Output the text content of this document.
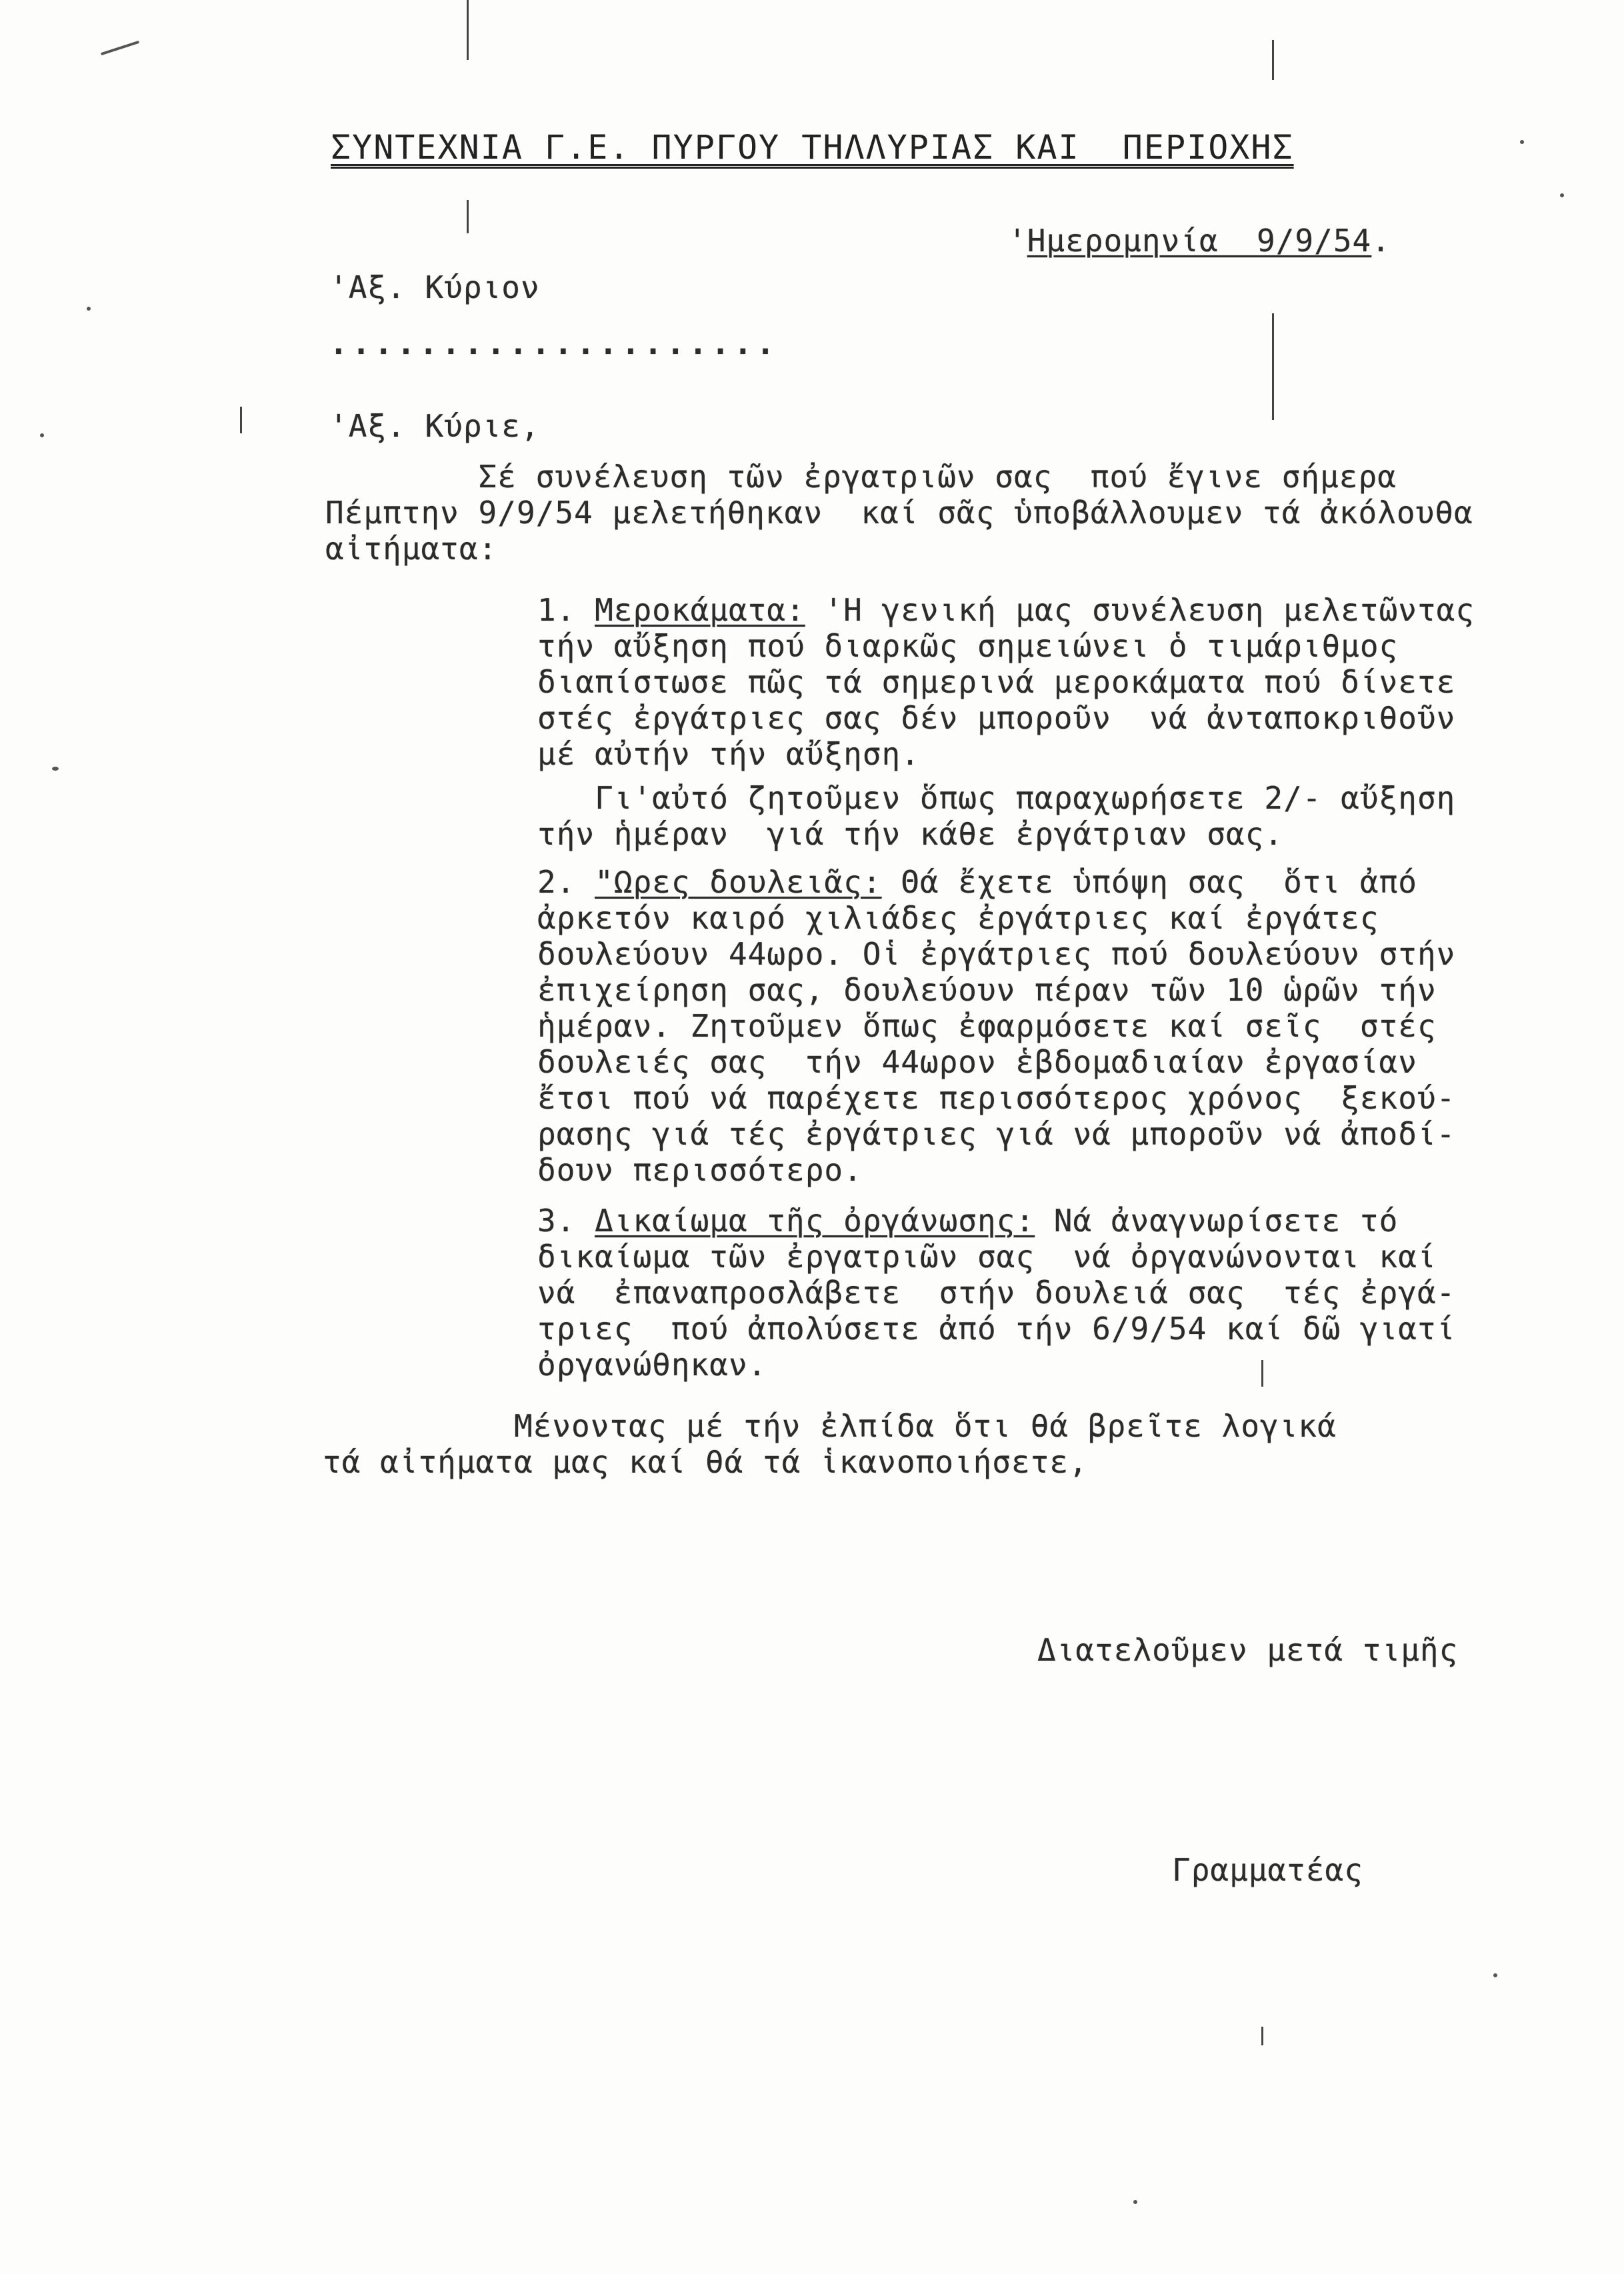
ΣΥΝΤΕΧΝΙΑ Γ.Ε. ΠΥΡΓΟΥ ΤΗΛΛΥΡΙΑΣ ΚΑΙ  ΠΕΡΙΟΧΗΣ
'Ημερομηνία 9/9/54.
'Αξ. Κύριον
....................
'Αξ. Κύριε,
Σέ συνέλευση τῶν ἐργατριῶν σας  πού ἔγινε σήμερα
Πέμπτην 9/9/54 μελετήθηκαν  καί σᾶς ὑποβάλλουμεν τά ἀκόλουθα
αἰτήματα:
1. Μεροκάματα: 'Η γενική μας συνέλευση μελετῶντας
τήν αὔξηση πού διαρκῶς σημειώνει ὁ τιμάριθμος
διαπίστωσε πῶς τά σημερινά μεροκάματα πού δίνετε
στές ἐργάτριες σας δέν μποροῦν  νά ἀνταποκριθοῦν
μέ αὐτήν τήν αὔξηση.
Γι'αὐτό ζητοῦμεν ὅπως παραχωρήσετε 2/- αὔξηση
τήν ἡμέραν  γιά τήν κάθε ἐργάτριαν σας.
2. "Ωρες δουλειᾶς: Θά ἔχετε ὑπόψη σας  ὅτι ἀπό
ἀρκετόν καιρό χιλιάδες ἐργάτριες καί ἐργάτες
δουλεύουν 44ωρο. Οἱ ἐργάτριες πού δουλεύουν στήν
ἐπιχείρηση σας, δουλεύουν πέραν τῶν 10 ὡρῶν τήν
ἡμέραν. Ζητοῦμεν ὅπως ἐφαρμόσετε καί σεῖς  στές
δουλειές σας  τήν 44ωρον ἑβδομαδιαίαν ἐργασίαν
ἔτσι πού νά παρέχετε περισσότερος χρόνος  ξεκού-
ρασης γιά τές ἐργάτριες γιά νά μποροῦν νά ἀποδί-
δουν περισσότερο.
3. Δικαίωμα τῆς ὀργάνωσης: Νά ἀναγνωρίσετε τό
δικαίωμα τῶν ἐργατριῶν σας  νά ὀργανώνονται καί
νά  ἐπαναπροσλάβετε  στήν δουλειά σας  τές ἐργά-
τριες  πού ἀπολύσετε ἀπό τήν 6/9/54 καί δῶ γιατί
ὀργανώθηκαν.
Μένοντας μέ τήν ἐλπίδα ὅτι θά βρεῖτε λογικά
τά αἰτήματα μας καί θά τά ἱκανοποιήσετε,
Διατελοῦμεν μετά τιμῆς
Γραμματέας
